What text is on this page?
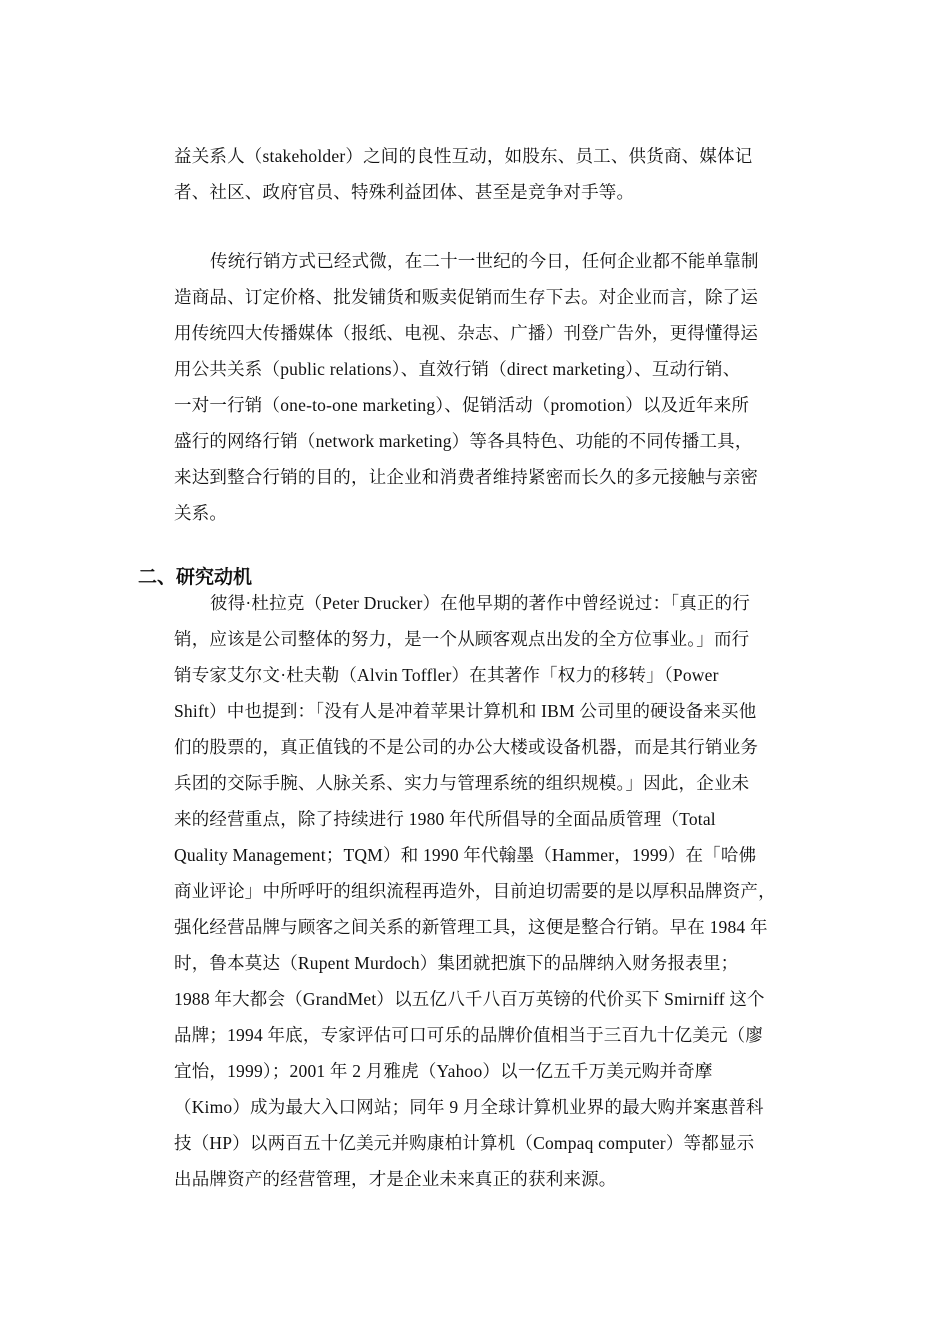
益关系人（stakeholder）之间的良性互动，如股东、员工、供货商、媒体记
者、社区、政府官员、特殊利益团体、甚至是竞争对手等。
传统行销方式已经式微，在二十一世纪的今日，任何企业都不能单靠制
造商品、订定价格、批发铺货和贩卖促销而生存下去。对企业而言，除了运
用传统四大传播媒体（报纸、电视、杂志、广播）刊登广告外，更得懂得运
用公共关系（public relations）、直效行销（direct marketing）、互动行销、
一对一行销（one-to-one marketing）、促销活动（promotion）以及近年来所
盛行的网络行销（network marketing）等各具特色、功能的不同传播工具，
来达到整合行销的目的，让企业和消费者维持紧密而长久的多元接触与亲密
关系。
二、研究动机
彼得·杜拉克（Peter Drucker）在他早期的著作中曾经说过：「真正的行
销，应该是公司整体的努力，是一个从顾客观点出发的全方位事业。」而行
销专家艾尔文·杜夫勒（Alvin Toffler）在其著作「权力的移转」（Power
Shift）中也提到：「没有人是冲着苹果计算机和 IBM 公司里的硬设备来买他
们的股票的，真正值钱的不是公司的办公大楼或设备机器，而是其行销业务
兵团的交际手腕、人脉关系、实力与管理系统的组织规模。」因此，企业未
来的经营重点，除了持续进行 1980 年代所倡导的全面品质管理（Total
Quality Management；TQM）和 1990 年代翰墨（Hammer，1999）在「哈佛
商业评论」中所呼吁的组织流程再造外，目前迫切需要的是以厚积品牌资产，
强化经营品牌与顾客之间关系的新管理工具，这便是整合行销。早在 1984 年
时，鲁本莫达（Rupent Murdoch）集团就把旗下的品牌纳入财务报表里；
1988 年大都会（GrandMet）以五亿八千八百万英镑的代价买下 Smirniff 这个
品牌；1994 年底，专家评估可口可乐的品牌价值相当于三百九十亿美元（廖
宜怡，1999）；2001 年 2 月雅虎（Yahoo）以一亿五千万美元购并奇摩
（Kimo）成为最大入口网站；同年 9 月全球计算机业界的最大购并案惠普科
技（HP）以两百五十亿美元并购康柏计算机（Compaq computer）等都显示
出品牌资产的经营管理，才是企业未来真正的获利来源。
